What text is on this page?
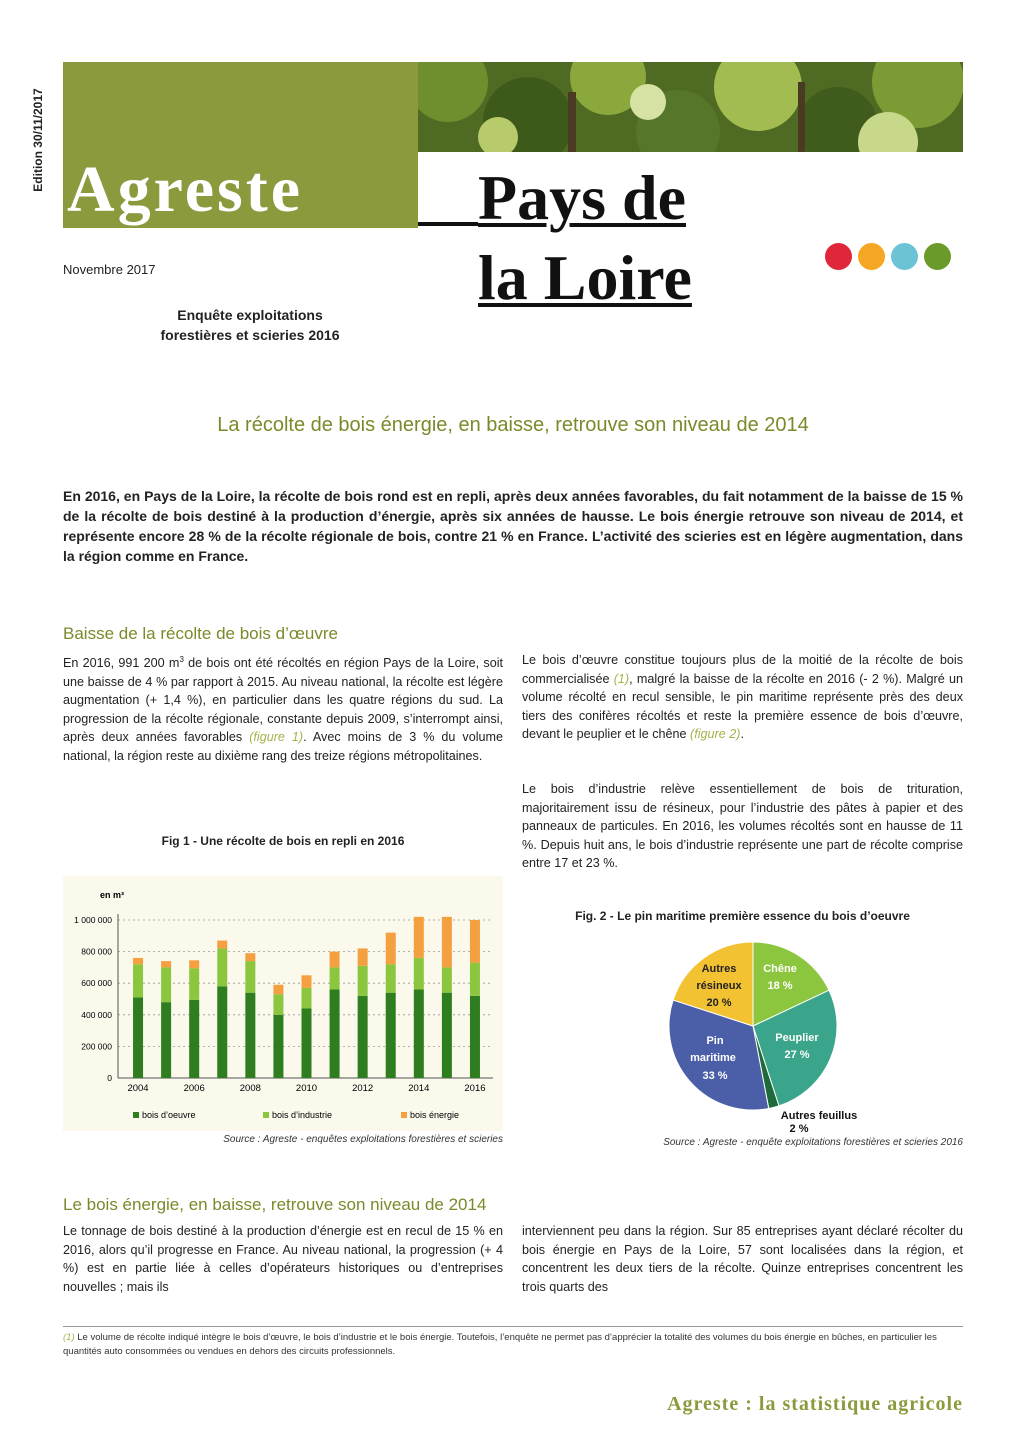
Edition 30/11/2017 Agreste	Pays de
la Loire
Novembre 2017
Enquête exploitations
forestières et scieries 2016
La récolte de bois énergie, en baisse, retrouve son niveau de 2014
En 2016, en Pays de la Loire, la récolte de bois rond est en repli, après deux années favorables, du fait notamment de la baisse de 15 % de la récolte de bois destiné à la production d’énergie, après six années de hausse. Le bois énergie retrouve son niveau de 2014, et représente encore 28 % de la récolte régionale de bois, contre 21 % en France. L’activité des scieries est en légère augmentation, dans la région comme en France.
Baisse de la récolte de bois d’œuvre
En 2016, 991 200 $m^3$ de bois ont été récoltés en région Pays de la Loire, soit une baisse de 4 % par rapport à 2015. Au niveau national, la récolte est légère augmentation (+ 1,4 %), en particulier dans les quatre régions du sud. La progression de la récolte régionale, constante depuis 2009, s’interrompt ainsi, après deux années favorables (figure 1). Avec moins de 3 % du volume national, la région reste au dixième rang des treize régions métropolitaines.
Le bois d’œuvre constitue toujours plus de la moitié de la récolte de bois commercialisée (1), malgré la baisse de la récolte en 2016 (- 2 %). Malgré un volume récolté en recul sensible, le pin maritime représente près des deux tiers des conifères récoltés et reste la première essence de bois d’œuvre, devant le peuplier et le chêne (figure 2).
Le bois d’industrie relève essentiellement de bois de trituration, majoritairement issu de résineux, pour l’industrie des pâtes à papier et des panneaux de particules. En 2016, les volumes récoltés sont en hausse de 11 %. Depuis huit ans, le bois d’industrie représente une part de récolte comprise entre 17 et 23 %.
Fig 1 - Une récolte de bois en repli en 2016
en m³
0
200 000
400 000
600 000
800 000
1 000 000
2004	2006	2008	2010	2012	2014	2016
bois d’oeuvre	bois d’industrie	bois énergie
Source : Agreste - enquêtes exploitations forestières et scieries
Fig. 2 - Le pin maritime première essence du bois d’oeuvre
Chêne
18 %
Peuplier
27 %
Pin
maritime
33 %
Autres
résineux
20 %
Autres feuillus
2 %
Source : Agreste - enquête exploitations forestières et scieries 2016
Le bois énergie, en baisse, retrouve son niveau de 2014
Le tonnage de bois destiné à la production d’énergie est en recul de 15 % en 2016, alors qu’il progresse en France. Au niveau national, la progression (+ 4 %) est en partie liée à celles d’opérateurs historiques ou d’entreprises nouvelles ; mais ils
interviennent peu dans la région. Sur 85 entreprises ayant déclaré récolter du bois énergie en Pays de la Loire, 57 sont localisées dans la région, et concentrent les deux tiers de la récolte. Quinze entreprises concentrent les trois quarts des
(1) Le volume de récolte indiqué intègre le bois d’œuvre, le bois d’industrie et le bois énergie. Toutefois, l’enquête ne permet pas d’apprécier la totalité des volumes du bois énergie en bûches, en particulier les quantités auto consommées ou vendues en dehors des circuits professionnels.
Agreste : la statistique agricole
